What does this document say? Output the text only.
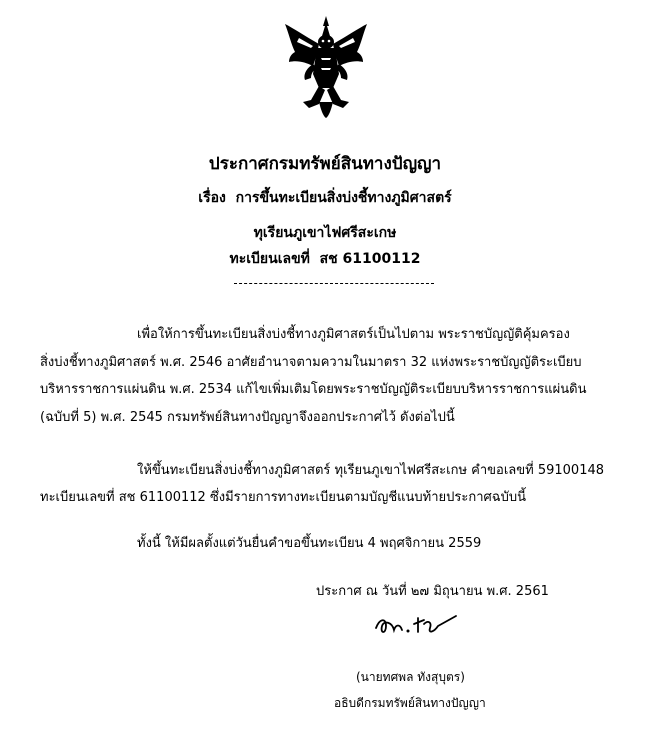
ประกาศกรมทรัพย์สินทางปัญญา
เรื่อง การขึ้นทะเบียนสิ่งบ่งชี้ทางภูมิศาสตร์
ทุเรียนภูเขาไฟศรีสะเกษ
ทะเบียนเลขที่ สช 61100112
เพื่อให้การขึ้นทะเบียนสิ่งบ่งชี้ทางภูมิศาสตร์เป็นไปตาม พระราชบัญญัติคุ้มครอง
สิ่งบ่งชี้ทางภูมิศาสตร์ พ.ศ. 2546 อาศัยอำนาจตามความในมาตรา 32 แห่งพระราชบัญญัติระเบียบ
บริหารราชการแผ่นดิน พ.ศ. 2534 แก้ไขเพิ่มเติมโดยพระราชบัญญัติระเบียบบริหารราชการแผ่นดิน
(ฉบับที่ 5) พ.ศ. 2545 กรมทรัพย์สินทางปัญญาจึงออกประกาศไว้ ดังต่อไปนี้
ให้ขึ้นทะเบียนสิ่งบ่งชี้ทางภูมิศาสตร์ ทุเรียนภูเขาไฟศรีสะเกษ คำขอเลขที่ 59100148
ทะเบียนเลขที่ สช 61100112 ซึ่งมีรายการทางทะเบียนตามบัญชีแนบท้ายประกาศฉบับนี้
ทั้งนี้ ให้มีผลตั้งแต่วันยื่นคำขอขึ้นทะเบียน 4 พฤศจิกายน 2559
ประกาศ ณ วันที่ ๒๗ มิถุนายน พ.ศ. 2561
(นายทศพล ทังสุบุตร)
อธิบดีกรมทรัพย์สินทางปัญญา
